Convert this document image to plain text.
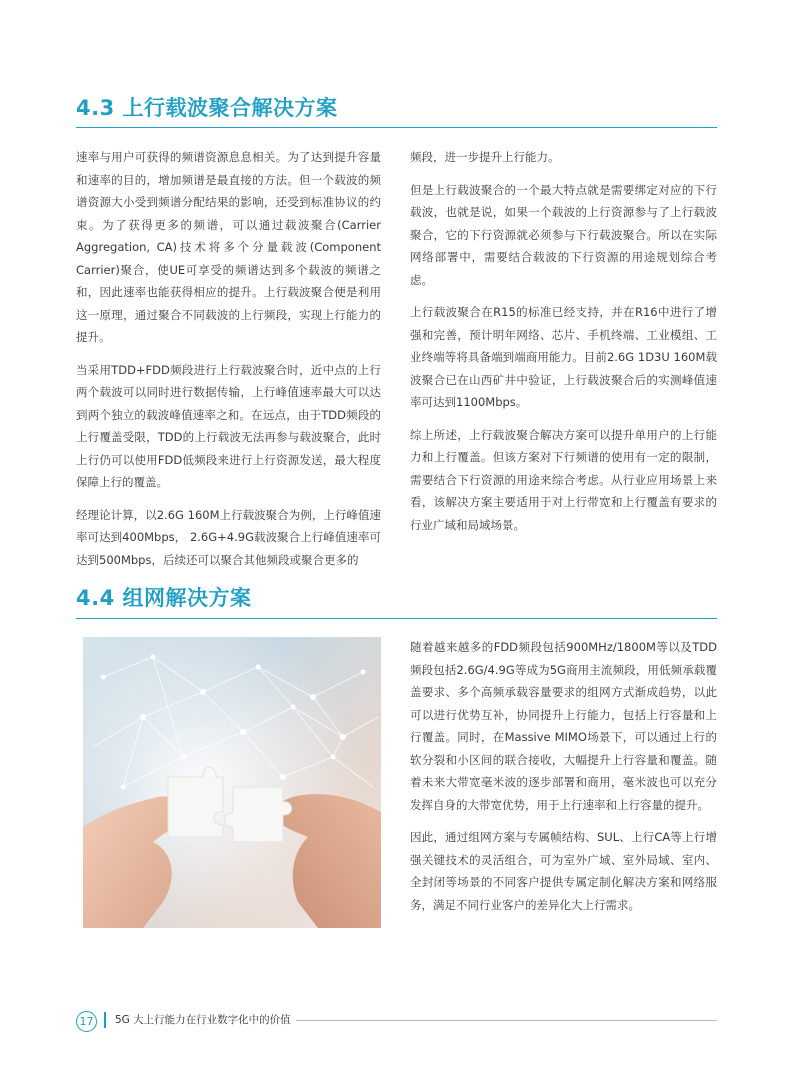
4.3 上行载波聚合解决方案

速率与用户可获得的频谱资源息息相关。为了达到提升容量和速率的目的，增加频谱是最直接的方法。但一个载波的频谱资源大小受到频谱分配结果的影响，还受到标准协议的约束。为了获得更多的频谱，可以通过载波聚合(Carrier Aggregation, CA)技术将多个分量载波(Component Carrier)聚合，使UE可享受的频谱达到多个载波的频谱之和，因此速率也能获得相应的提升。上行载波聚合便是利用这一原理，通过聚合不同载波的上行频段，实现上行能力的提升。

当采用TDD+FDD频段进行上行载波聚合时，近中点的上行两个载波可以同时进行数据传输，上行峰值速率最大可以达到两个独立的载波峰值速率之和。在远点，由于TDD频段的上行覆盖受限，TDD的上行载波无法再参与载波聚合，此时上行仍可以使用FDD低频段来进行上行资源发送，最大程度保障上行的覆盖。

经理论计算，以2.6G 160M上行载波聚合为例，上行峰值速率可达到400Mbps， 2.6G+4.9G载波聚合上行峰值速率可达到500Mbps，后续还可以聚合其他频段或聚合更多的

频段，进一步提升上行能力。

但是上行载波聚合的一个最大特点就是需要绑定对应的下行载波，也就是说，如果一个载波的上行资源参与了上行载波聚合，它的下行资源就必须参与下行载波聚合。所以在实际网络部署中，需要结合载波的下行资源的用途规划综合考虑。

上行载波聚合在R15的标准已经支持，并在R16中进行了增强和完善，预计明年网络、芯片、手机终端、工业模组、工业终端等将具备端到端商用能力。目前2.6G 1D3U 160M载波聚合已在山西矿井中验证，上行载波聚合后的实测峰值速率可达到1100Mbps。

综上所述，上行载波聚合解决方案可以提升单用户的上行能力和上行覆盖。但该方案对下行频谱的使用有一定的限制，需要结合下行资源的用途来综合考虑。从行业应用场景上来看，该解决方案主要适用于对上行带宽和上行覆盖有要求的行业广域和局域场景。

4.4 组网解决方案

随着越来越多的FDD频段包括900MHz/1800M等以及TDD频段包括2.6G/4.9G等成为5G商用主流频段，用低频承载覆盖要求、多个高频承载容量要求的组网方式渐成趋势，以此可以进行优势互补，协同提升上行能力，包括上行容量和上行覆盖。同时，在Massive MIMO场景下，可以通过上行的软分裂和小区间的联合接收，大幅提升上行容量和覆盖。随着未来大带宽毫米波的逐步部署和商用，毫米波也可以充分发挥自身的大带宽优势，用于上行速率和上行容量的提升。

因此，通过组网方案与专属帧结构、SUL、上行CA等上行增强关键技术的灵活组合，可为室外广域、室外局域、室内、全封闭等场景的不同客户提供专属定制化解决方案和网络服务，满足不同行业客户的差异化大上行需求。

17	5G 大上行能力在行业数字化中的价值
